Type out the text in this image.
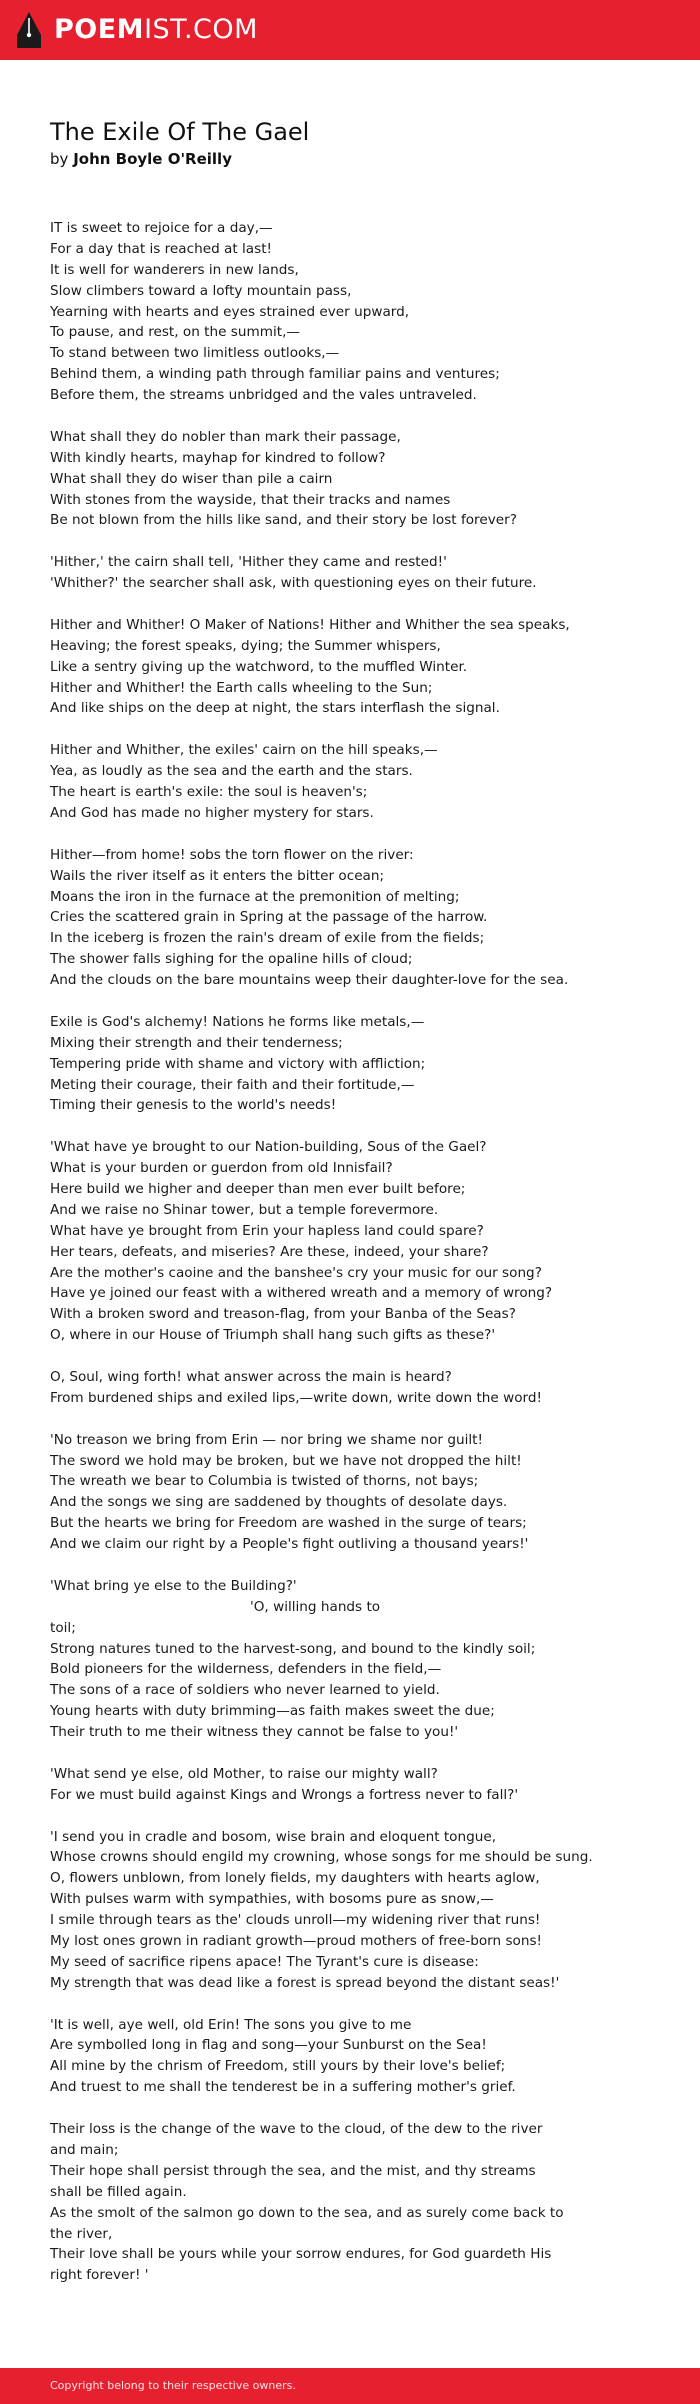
POEMIST.COM
The Exile Of The Gael
by John Boyle O'Reilly
IT is sweet to rejoice for a day,—
For a day that is reached at last!
It is well for wanderers in new lands,
Slow climbers toward a lofty mountain pass,
Yearning with hearts and eyes strained ever upward,
To pause, and rest, on the summit,—
To stand between two limitless outlooks,—
Behind them, a winding path through familiar pains and ventures;
Before them, the streams unbridged and the vales untraveled.
What shall they do nobler than mark their passage,
With kindly hearts, mayhap for kindred to follow?
What shall they do wiser than pile a cairn
With stones from the wayside, that their tracks and names
Be not blown from the hills like sand, and their story be lost forever?
'Hither,' the cairn shall tell, 'Hither they came and rested!'
'Whither?' the searcher shall ask, with questioning eyes on their future.
Hither and Whither! O Maker of Nations! Hither and Whither the sea speaks,
Heaving; the forest speaks, dying; the Summer whispers,
Like a sentry giving up the watchword, to the muffled Winter.
Hither and Whither! the Earth calls wheeling to the Sun;
And like ships on the deep at night, the stars interflash the signal.
Hither and Whither, the exiles' cairn on the hill speaks,—
Yea, as loudly as the sea and the earth and the stars.
The heart is earth's exile: the soul is heaven's;
And God has made no higher mystery for stars.
Hither—from home! sobs the torn flower on the river:
Wails the river itself as it enters the bitter ocean;
Moans the iron in the furnace at the premonition of melting;
Cries the scattered grain in Spring at the passage of the harrow.
In the iceberg is frozen the rain's dream of exile from the fields;
The shower falls sighing for the opaline hills of cloud;
And the clouds on the bare mountains weep their daughter-love for the sea.
Exile is God's alchemy! Nations he forms like metals,—
Mixing their strength and their tenderness;
Tempering pride with shame and victory with affliction;
Meting their courage, their faith and their fortitude,—
Timing their genesis to the world's needs!
'What have ye brought to our Nation-building, Sous of the Gael?
What is your burden or guerdon from old Innisfail?
Here build we higher and deeper than men ever built before;
And we raise no Shinar tower, but a temple forevermore.
What have ye brought from Erin your hapless land could spare?
Her tears, defeats, and miseries? Are these, indeed, your share?
Are the mother's caoine and the banshee's cry your music for our song?
Have ye joined our feast with a withered wreath and a memory of wrong?
With a broken sword and treason-flag, from your Banba of the Seas?
O, where in our House of Triumph shall hang such gifts as these?'
O, Soul, wing forth! what answer across the main is heard?
From burdened ships and exiled lips,—write down, write down the word!
'No treason we bring from Erin — nor bring we shame nor guilt!
The sword we hold may be broken, but we have not dropped the hilt!
The wreath we bear to Columbia is twisted of thorns, not bays;
And the songs we sing are saddened by thoughts of desolate days.
But the hearts we bring for Freedom are washed in the surge of tears;
And we claim our right by a People's fight outliving a thousand years!'
'What bring ye else to the Building?'
'O, willing hands to
toil;
Strong natures tuned to the harvest-song, and bound to the kindly soil;
Bold pioneers for the wilderness, defenders in the field,—
The sons of a race of soldiers who never learned to yield.
Young hearts with duty brimming—as faith makes sweet the due;
Their truth to me their witness they cannot be false to you!'
'What send ye else, old Mother, to raise our mighty wall?
For we must build against Kings and Wrongs a fortress never to fall?'
'I send you in cradle and bosom, wise brain and eloquent tongue,
Whose crowns should engild my crowning, whose songs for me should be sung.
O, flowers unblown, from lonely fields, my daughters with hearts aglow,
With pulses warm with sympathies, with bosoms pure as snow,—
I smile through tears as the' clouds unroll—my widening river that runs!
My lost ones grown in radiant growth—proud mothers of free-born sons!
My seed of sacrifice ripens apace! The Tyrant's cure is disease:
My strength that was dead like a forest is spread beyond the distant seas!'
'It is well, aye well, old Erin! The sons you give to me
Are symbolled long in flag and song—your Sunburst on the Sea!
All mine by the chrism of Freedom, still yours by their love's belief;
And truest to me shall the tenderest be in a suffering mother's grief.
Their loss is the change of the wave to the cloud, of the dew to the river
and main;
Their hope shall persist through the sea, and the mist, and thy streams
shall be filled again.
As the smolt of the salmon go down to the sea, and as surely come back to
the river,
Their love shall be yours while your sorrow endures, for God guardeth His
right forever! '
Copyright belong to their respective owners.
